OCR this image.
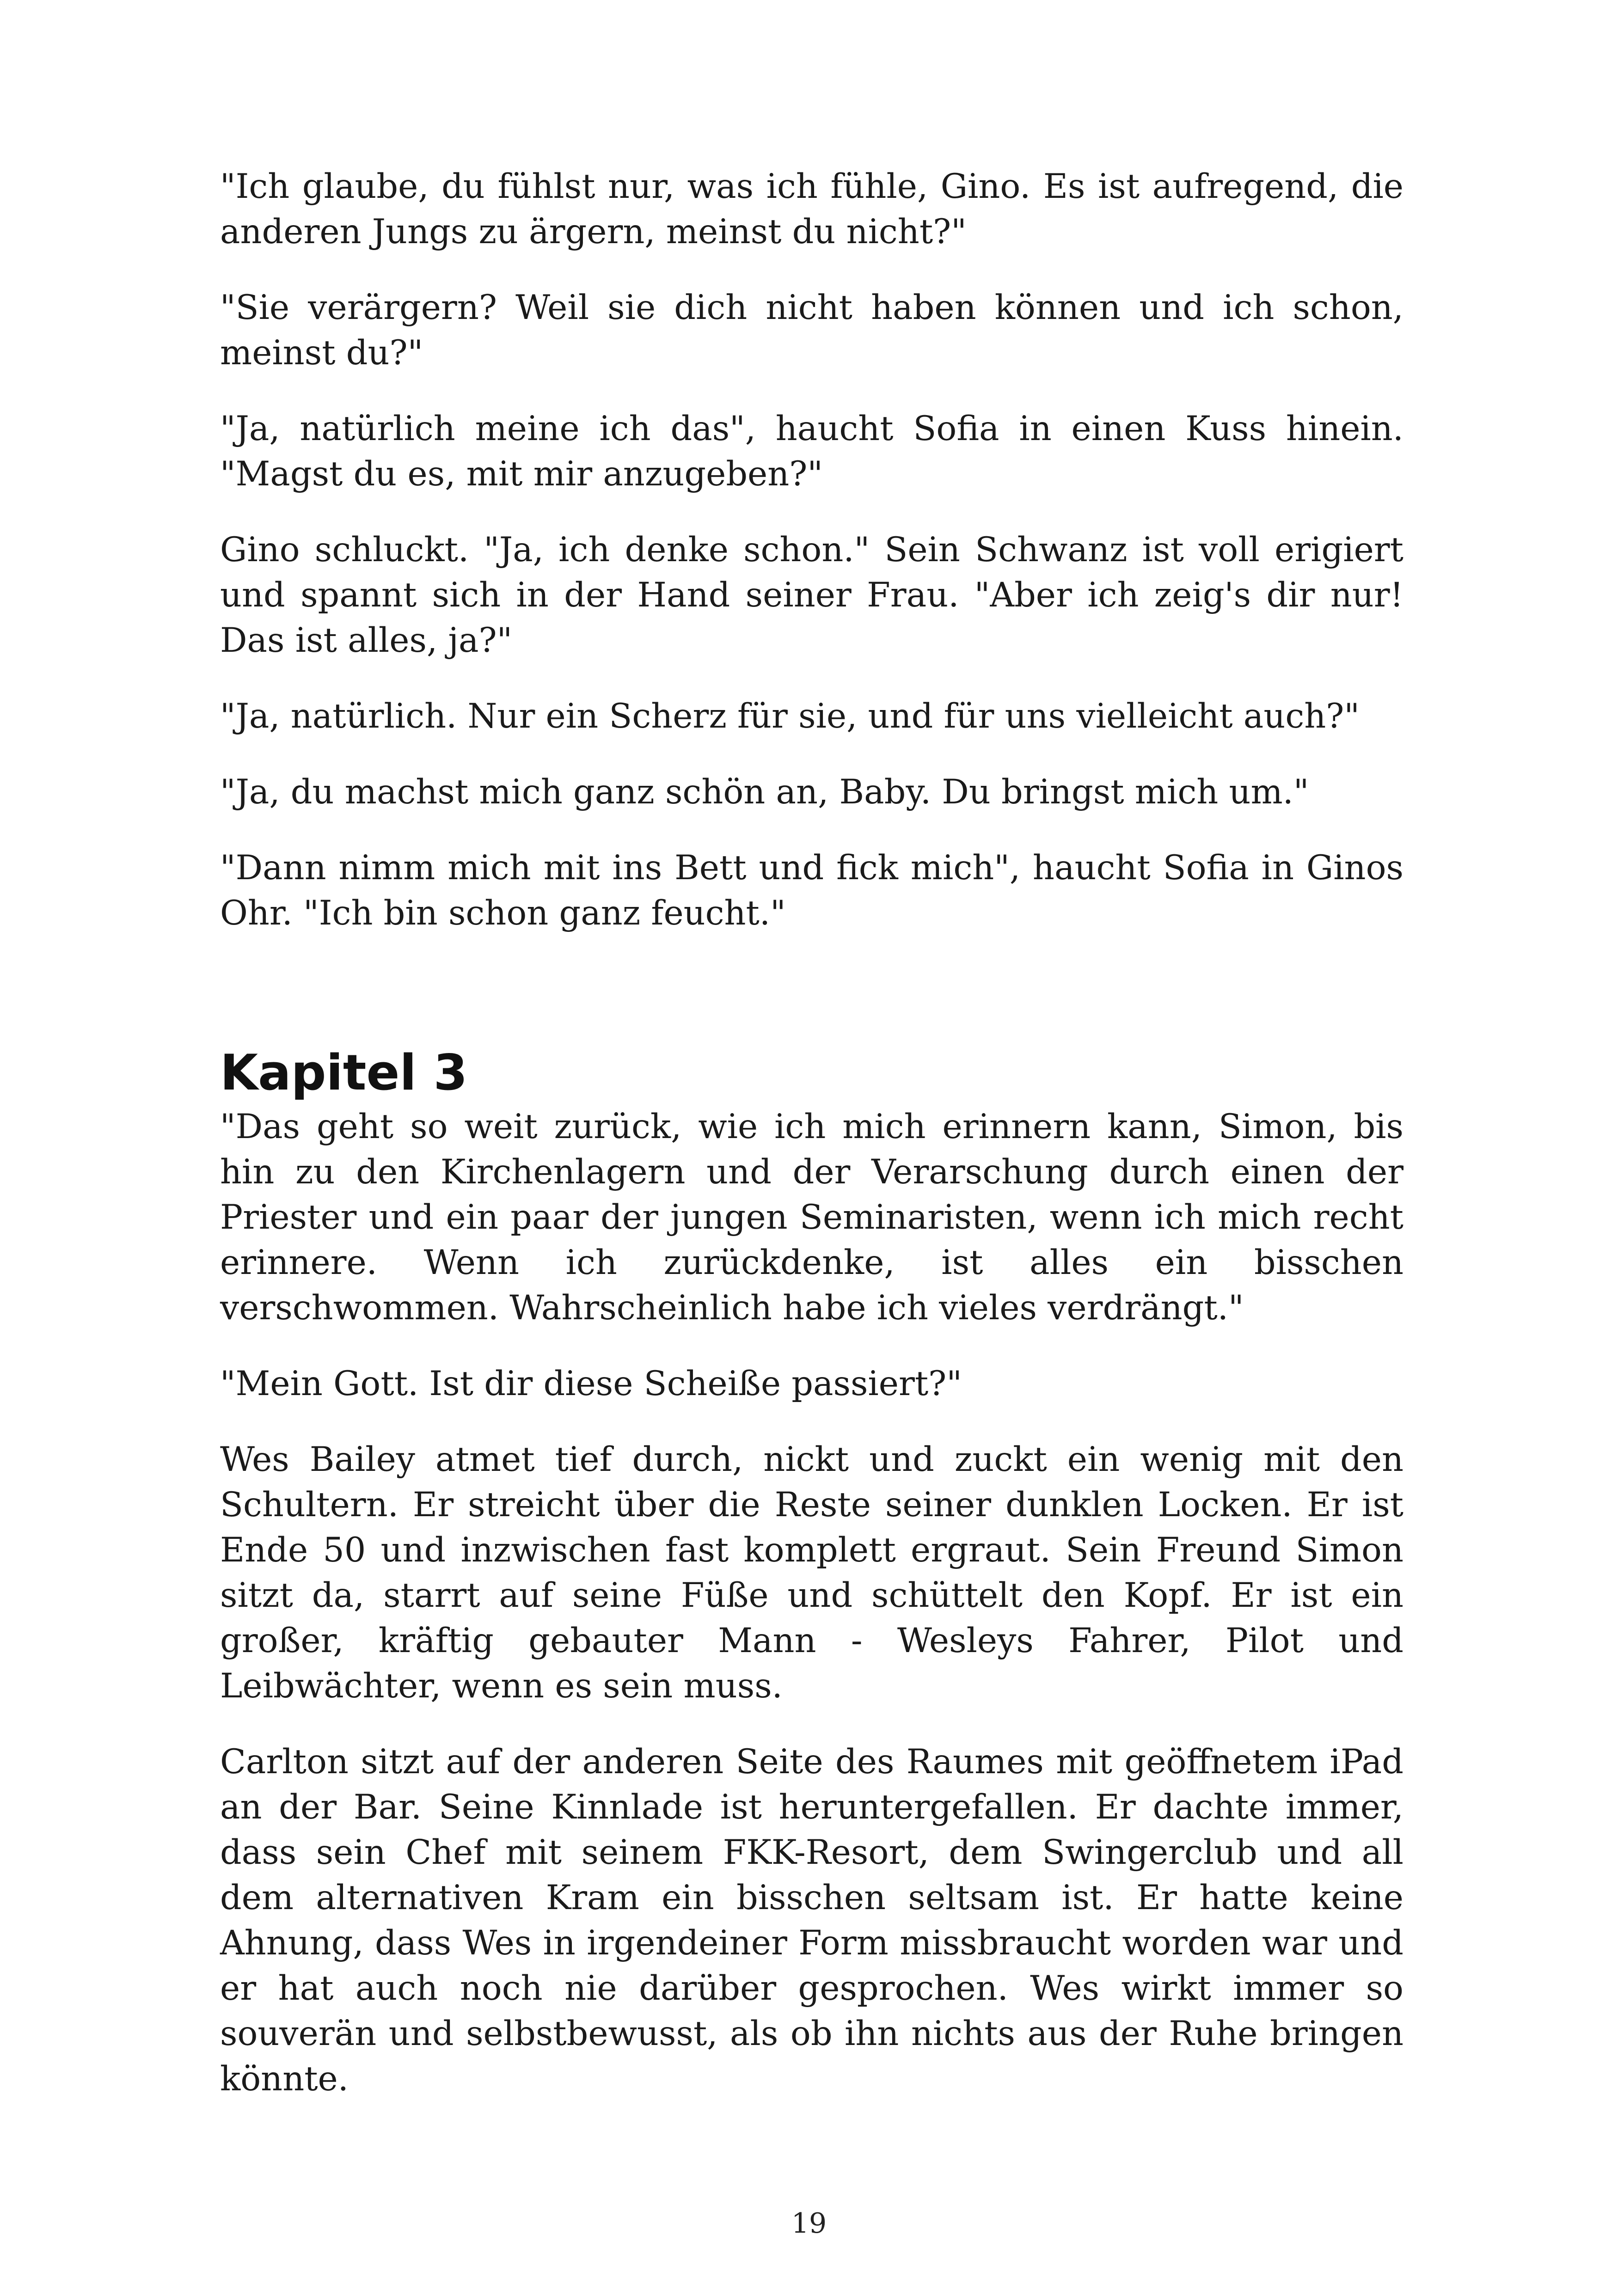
"Ich glaube, du fühlst nur, was ich fühle, Gino. Es ist aufregend, die anderen Jungs zu ärgern, meinst du nicht?"

"Sie verärgern? Weil sie dich nicht haben können und ich schon, meinst du?"

"Ja, natürlich meine ich das", haucht Sofia in einen Kuss hinein. "Magst du es, mit mir anzugeben?"

Gino schluckt. "Ja, ich denke schon." Sein Schwanz ist voll erigiert und spannt sich in der Hand seiner Frau. "Aber ich zeig's dir nur! Das ist alles, ja?"

"Ja, natürlich. Nur ein Scherz für sie, und für uns vielleicht auch?"

"Ja, du machst mich ganz schön an, Baby. Du bringst mich um."

"Dann nimm mich mit ins Bett und fick mich", haucht Sofia in Ginos Ohr. "Ich bin schon ganz feucht."

Kapitel 3

"Das geht so weit zurück, wie ich mich erinnern kann, Simon, bis hin zu den Kirchenlagern und der Verarschung durch einen der Priester und ein paar der jungen Seminaristen, wenn ich mich recht erinnere. Wenn ich zurückdenke, ist alles ein bisschen verschwommen. Wahrscheinlich habe ich vieles verdrängt."

"Mein Gott. Ist dir diese Scheiße passiert?"

Wes Bailey atmet tief durch, nickt und zuckt ein wenig mit den Schultern. Er streicht über die Reste seiner dunklen Locken. Er ist Ende 50 und inzwischen fast komplett ergraut. Sein Freund Simon sitzt da, starrt auf seine Füße und schüttelt den Kopf. Er ist ein großer, kräftig gebauter Mann - Wesleys Fahrer, Pilot und Leibwächter, wenn es sein muss.

Carlton sitzt auf der anderen Seite des Raumes mit geöffnetem iPad an der Bar. Seine Kinnlade ist heruntergefallen. Er dachte immer, dass sein Chef mit seinem FKK-Resort, dem Swingerclub und all dem alternativen Kram ein bisschen seltsam ist. Er hatte keine Ahnung, dass Wes in irgendeiner Form missbraucht worden war und er hat auch noch nie darüber gesprochen. Wes wirkt immer so souverän und selbstbewusst, als ob ihn nichts aus der Ruhe bringen könnte.

19
